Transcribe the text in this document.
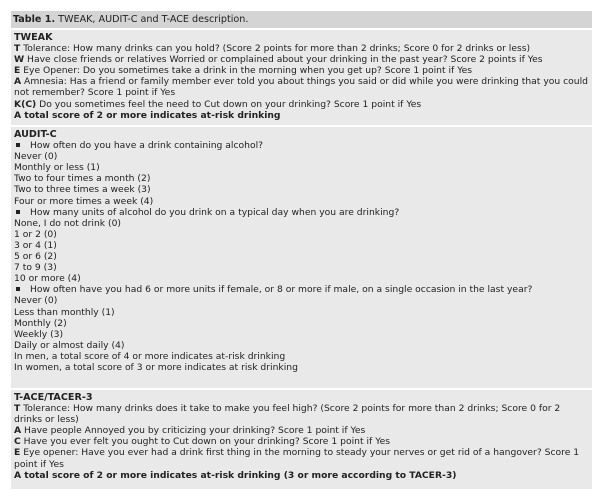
Table 1. TWEAK, AUDIT-C and T-ACE description.
TWEAK
T Tolerance: How many drinks can you hold? (Score 2 points for more than 2 drinks; Score 0 for 2 drinks or less)
W Have close friends or relatives Worried or complained about your drinking in the past year? Score 2 points if Yes
E Eye Opener: Do you sometimes take a drink in the morning when you get up? Score 1 point if Yes
A Amnesia: Has a friend or family member ever told you about things you said or did while you were drinking that you could not remember? Score 1 point if Yes
K(C) Do you sometimes feel the need to Cut down on your drinking? Score 1 point if Yes
A total score of 2 or more indicates at-risk drinking
AUDIT-C
How often do you have a drink containing alcohol?
Never (0)
Monthly or less (1)
Two to four times a month (2)
Two to three times a week (3)
Four or more times a week (4)
How many units of alcohol do you drink on a typical day when you are drinking?
None, I do not drink (0)
1 or 2 (0)
3 or 4 (1)
5 or 6 (2)
7 to 9 (3)
10 or more (4)
How often have you had 6 or more units if female, or 8 or more if male, on a single occasion in the last year?
Never (0)
Less than monthly (1)
Monthly (2)
Weekly (3)
Daily or almost daily (4)
In men, a total score of 4 or more indicates at-risk drinking
In women, a total score of 3 or more indicates at risk drinking
T-ACE/TACER-3
T Tolerance: How many drinks does it take to make you feel high? (Score 2 points for more than 2 drinks; Score 0 for 2 drinks or less)
A Have people Annoyed you by criticizing your drinking? Score 1 point if Yes
C Have you ever felt you ought to Cut down on your drinking? Score 1 point if Yes
E Eye opener: Have you ever had a drink first thing in the morning to steady your nerves or get rid of a hangover? Score 1 point if Yes
A total score of 2 or more indicates at-risk drinking (3 or more according to TACER-3)
